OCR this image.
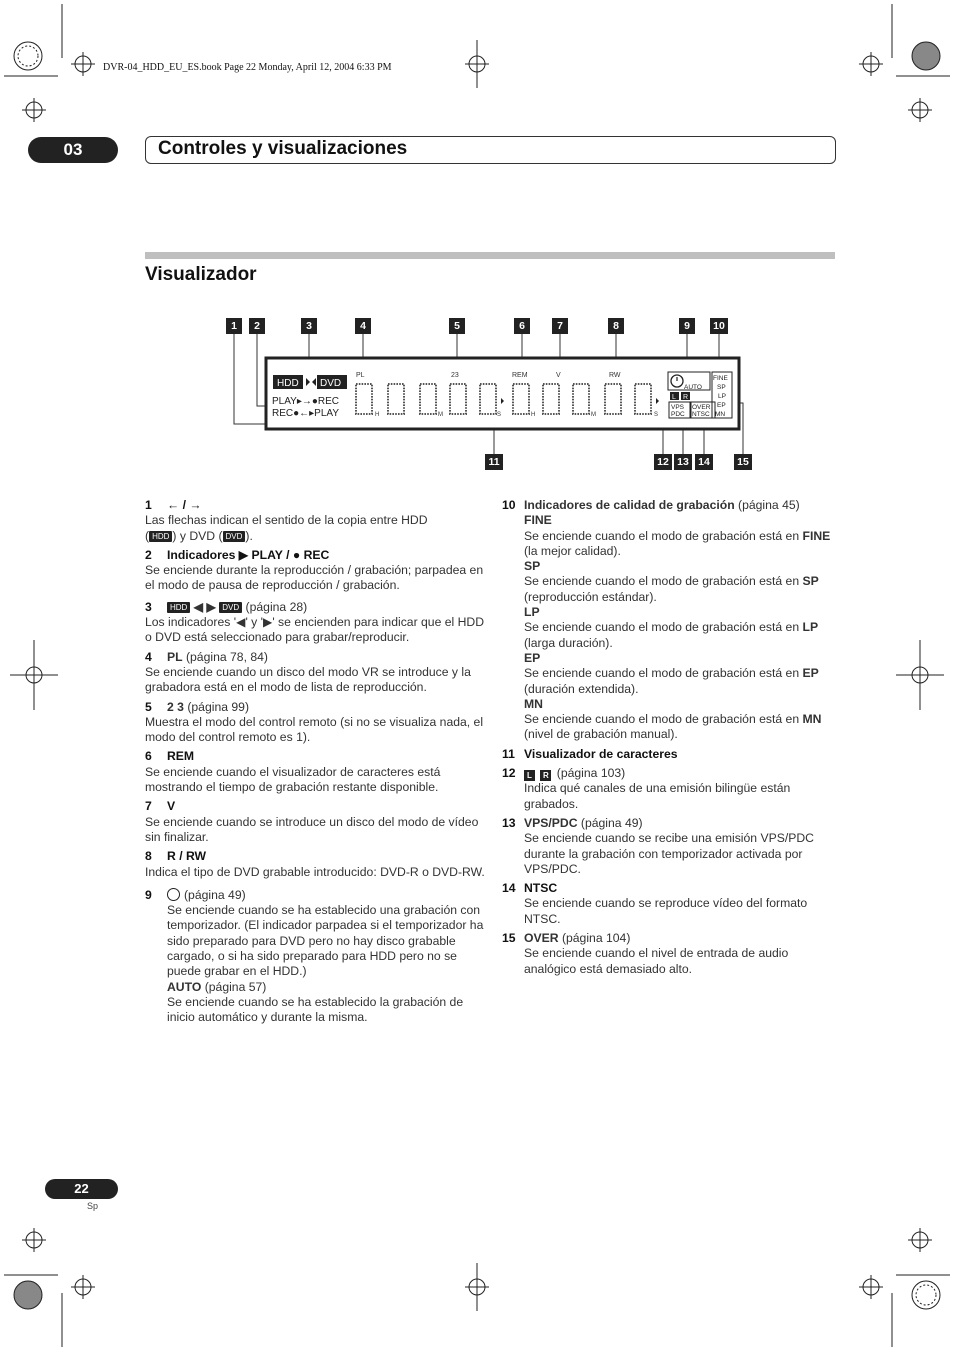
DVR-04_HDD_EU_ES.book Page 22 Monday, April 12, 2004 6:33 PM
03	Controles y visualizaciones
Visualizador
1	2	3	4	5	6	7	8	9	10
11	12 13 14	15
PL	23	REM	V	RW
HDD DVD
PLAY▸→●REC
REC●←▸PLAY	H	M	S	H	M	S
AUTO
L R
VPS
PDC
OVER
NTSC
FINE
SP
LP
EP
MN

1 ← / →

Las flechas indican el sentido de la copia entre HDD

( HDD ) y DVD ( DVD ).

2 Indicadores ▶ PLAY / ● REC

Se enciende durante la reproducción / grabación; parpadea en el modo de pausa de reproducción / grabación.

3 HDD ◀ ▶ DVD (página 28)

Los indicadores '◀' y '▶' se encienden para indicar que el HDD o DVD está seleccionado para grabar/reproducir.

4 PL (página 78, 84)

Se enciende cuando un disco del modo VR se introduce y la grabadora está en el modo de lista de reproducción.

5 2 3 (página 99)

Muestra el modo del control remoto (si no se visualiza nada, el modo del control remoto es 1).

6 REM

Se enciende cuando el visualizador de caracteres está mostrando el tiempo de grabación restante disponible.

7 V

Se enciende cuando se introduce un disco del modo de vídeo sin finalizar.

8 R / RW

Indica el tipo de DVD grabable introducido: DVD-R o DVD-RW.

9	(página 49)

Se enciende cuando se ha establecido una grabación con temporizador. (El indicador parpadea si el temporizador ha sido preparado para DVD pero no hay disco grabable cargado, o si ha sido preparado para HDD pero no se puede grabar en el HDD.)

AUTO (página 57)

Se enciende cuando se ha establecido la grabación de inicio automático y durante la misma.

10 Indicadores de calidad de grabación (página 45)

FINE

Se enciende cuando el modo de grabación está en FINE (la mejor calidad).

SP

Se enciende cuando el modo de grabación está en SP (reproducción estándar).

LP

Se enciende cuando el modo de grabación está en LP (larga duración).

EP

Se enciende cuando el modo de grabación está en EP (duración extendida).

MN

Se enciende cuando el modo de grabación está en MN (nivel de grabación manual).

11 Visualizador de caracteres

12 L R (página 103)

Indica qué canales de una emisión bilingüe están grabados.

13 VPS/PDC (página 49)

Se enciende cuando se recibe una emisión VPS/PDC durante la grabación con temporizador activada por VPS/PDC.

14 NTSC

Se enciende cuando se reproduce vídeo del formato NTSC.

15 OVER (página 104)

Se enciende cuando el nivel de entrada de audio analógico está demasiado alto.

22
Sp
